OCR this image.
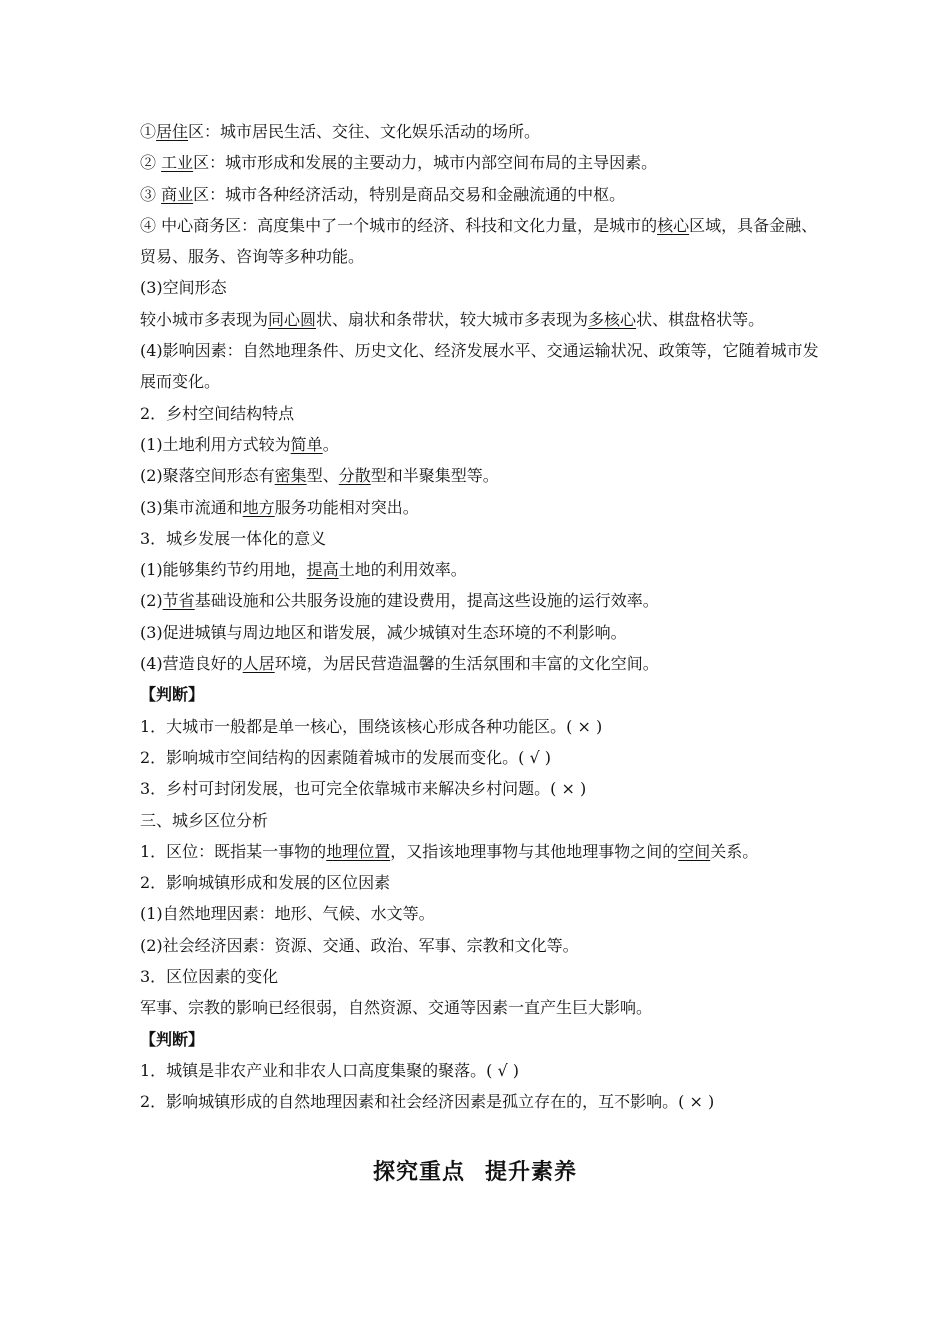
①居住区：城市居民生活、交往、文化娱乐活动的场所。
② 工业区：城市形成和发展的主要动力，城市内部空间布局的主导因素。
③ 商业区：城市各种经济活动，特别是商品交易和金融流通的中枢。
④ 中心商务区：高度集中了一个城市的经济、科技和文化力量，是城市的核心区域，具备金融、贸易、服务、咨询等多种功能。
(3)空间形态
较小城市多表现为同心圆状、扇状和条带状，较大城市多表现为多核心状、棋盘格状等。
(4)影响因素：自然地理条件、历史文化、经济发展水平、交通运输状况、政策等，它随着城市发展而变化。
2．乡村空间结构特点
(1)土地利用方式较为简单。
(2)聚落空间形态有密集型、分散型和半聚集型等。
(3)集市流通和地方服务功能相对突出。
3．城乡发展一体化的意义
(1)能够集约节约用地，提高土地的利用效率。
(2)节省基础设施和公共服务设施的建设费用，提高这些设施的运行效率。
(3)促进城镇与周边地区和谐发展，减少城镇对生态环境的不利影响。
(4)营造良好的人居环境，为居民营造温馨的生活氛围和丰富的文化空间。
【判断】
1．大城市一般都是单一核心，围绕该核心形成各种功能区。( × )
2．影响城市空间结构的因素随着城市的发展而变化。( √ )
3．乡村可封闭发展，也可完全依靠城市来解决乡村问题。( × )
三、城乡区位分析
1．区位：既指某一事物的地理位置，又指该地理事物与其他地理事物之间的空间关系。
2．影响城镇形成和发展的区位因素
(1)自然地理因素：地形、气候、水文等。
(2)社会经济因素：资源、交通、政治、军事、宗教和文化等。
3．区位因素的变化
军事、宗教的影响已经很弱，自然资源、交通等因素一直产生巨大影响。
【判断】
1．城镇是非农产业和非农人口高度集聚的聚落。( √ )
2．影响城镇形成的自然地理因素和社会经济因素是孤立存在的，互不影响。( × )
探究重点 提升素养
